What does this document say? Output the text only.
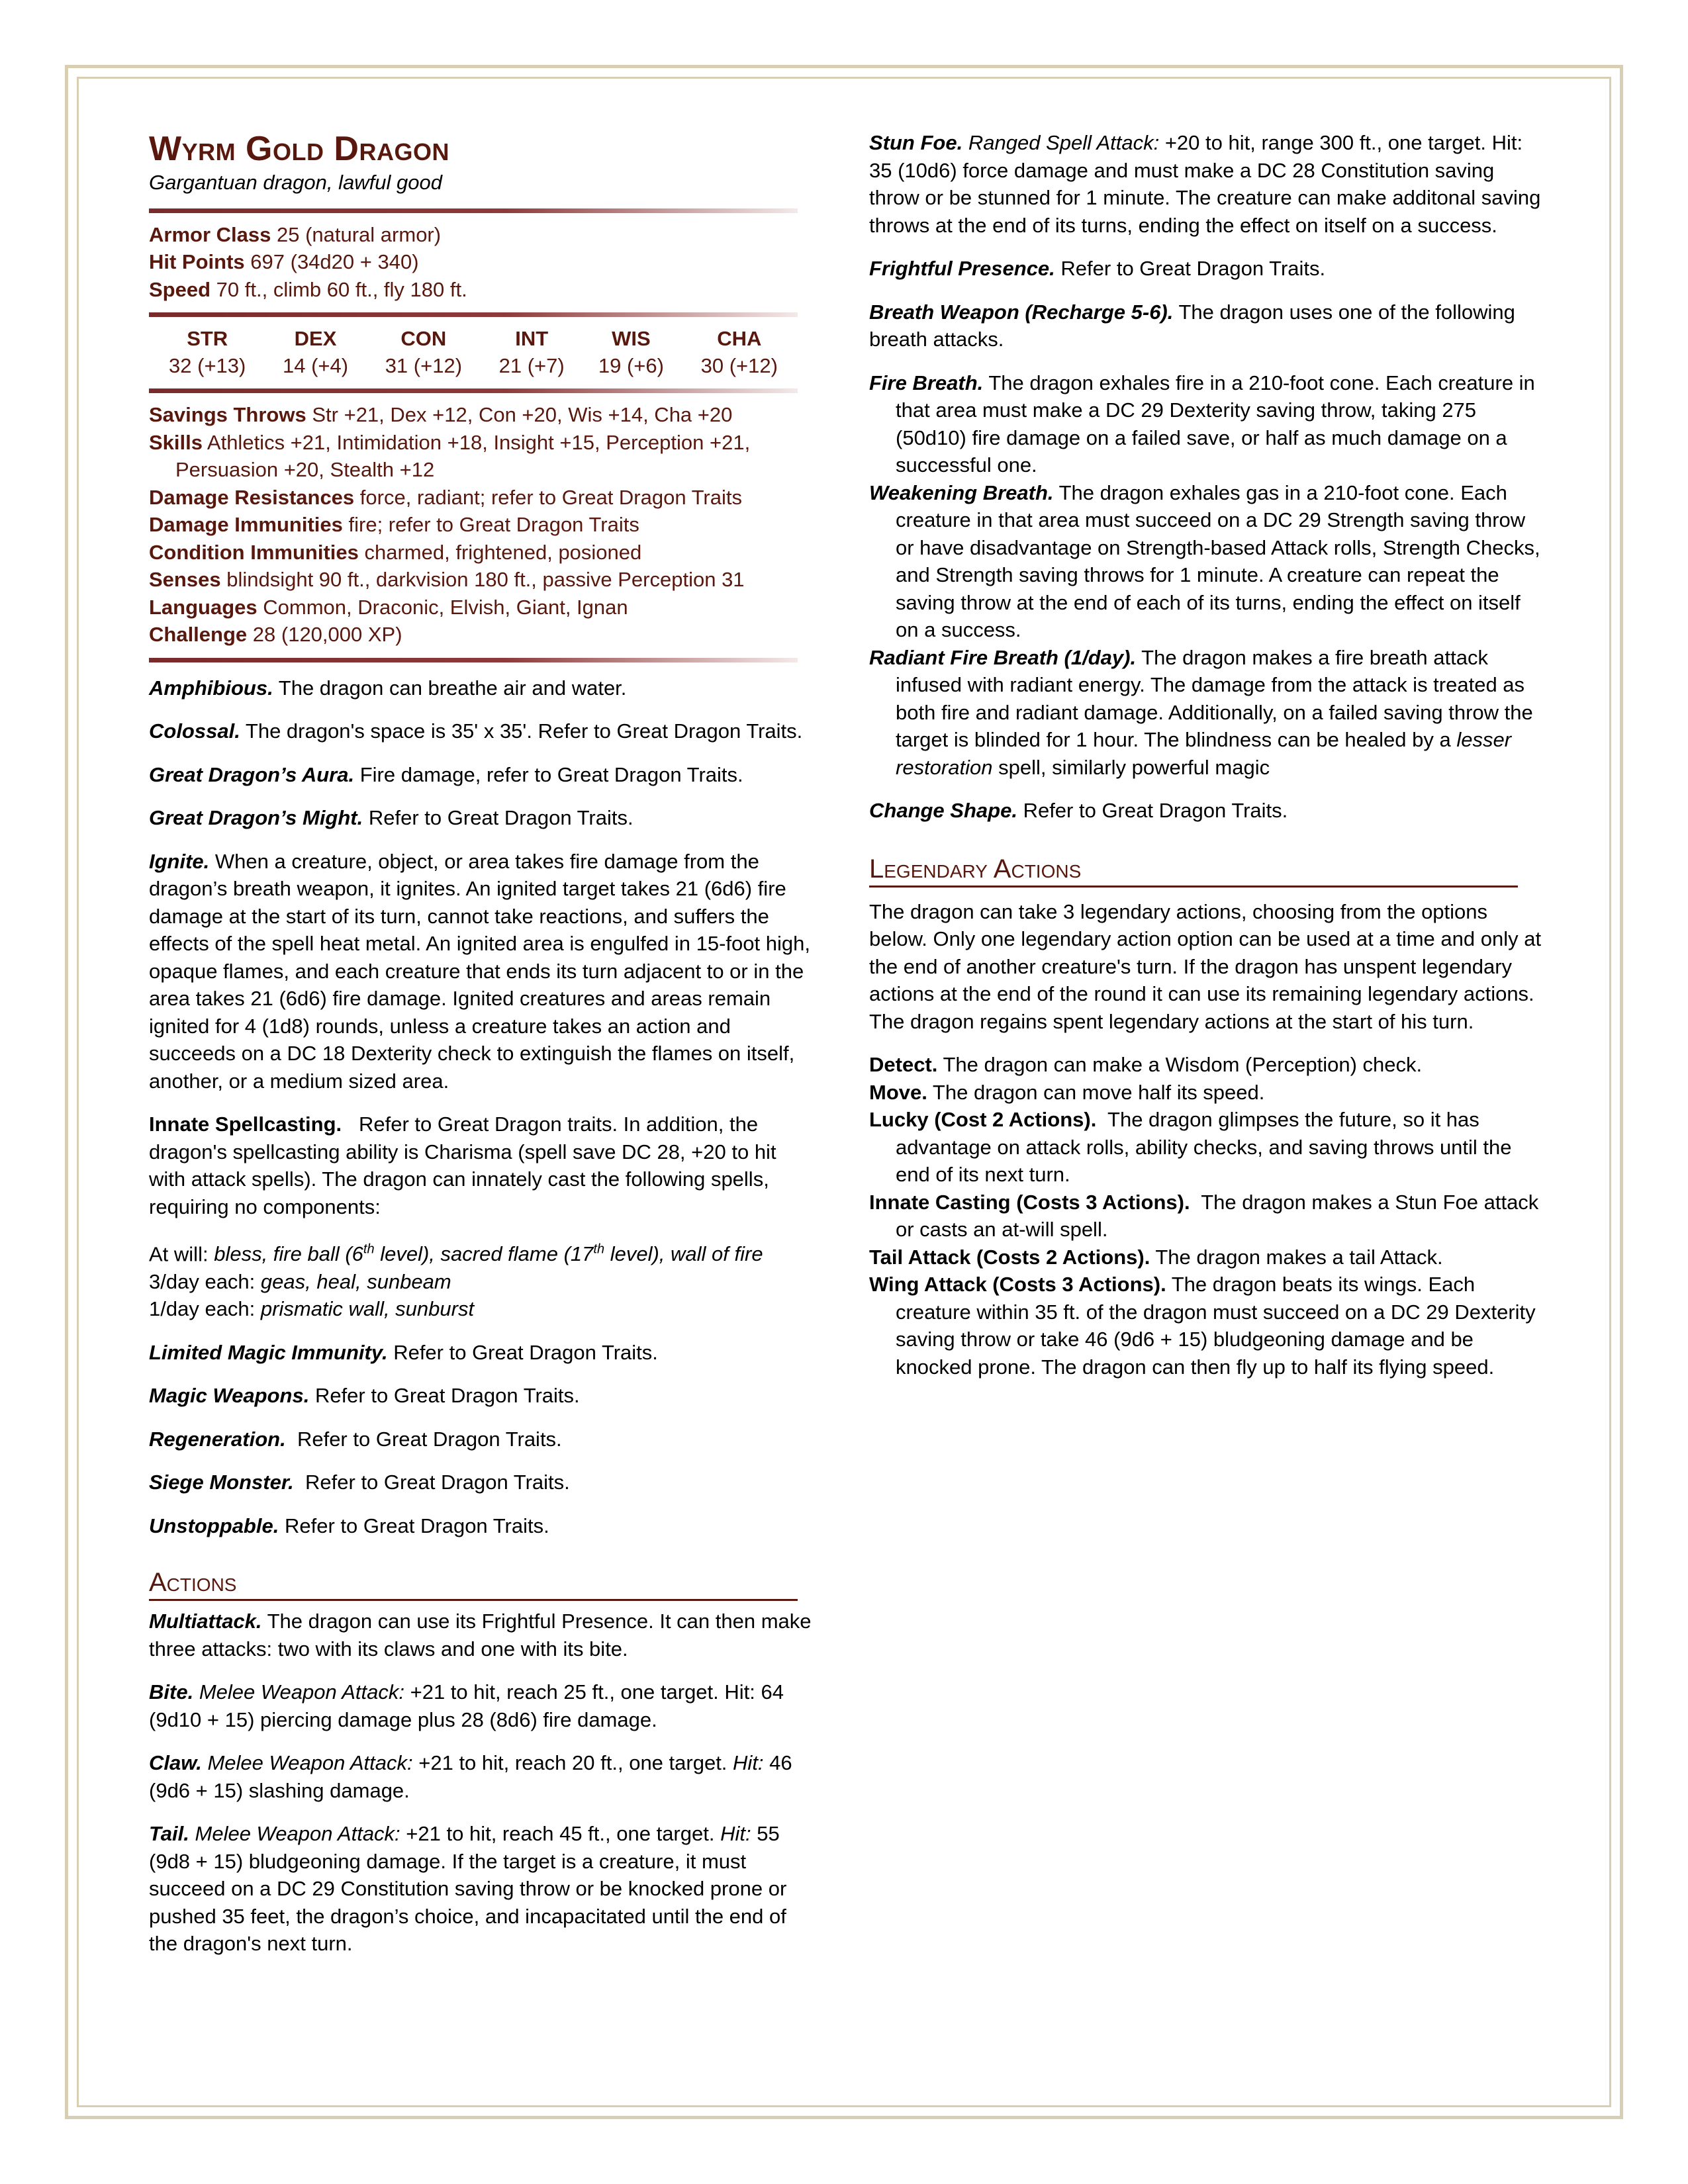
Wyrm Gold Dragon

Gargantuan dragon, lawful good

Armor Class 25 (natural armor)

Hit Points 697 (34d20 + 340)

Speed 70 ft., climb 60 ft., fly 180 ft.

STR	DEX	CON	INT	WIS	CHA
32 (+13)	14 (+4)	31 (+12)	21 (+7)	19 (+6)	30 (+12)

Savings Throws Str +21, Dex +12, Con +20, Wis +14, Cha +20

Skills Athletics +21, Intimidation +18, Insight +15, Perception +21, Persuasion +20, Stealth +12

Damage Resistances force, radiant; refer to Great Dragon Traits

Damage Immunities fire; refer to Great Dragon Traits

Condition Immunities charmed, frightened, posioned

Senses blindsight 90 ft., darkvision 180 ft., passive Perception 31

Languages Common, Draconic, Elvish, Giant, Ignan

Challenge 28 (120,000 XP)

Amphibious. The dragon can breathe air and water.

Colossal. The dragon's space is 35' x 35'. Refer to Great Dragon Traits.

Great Dragon’s Aura. Fire damage, refer to Great Dragon Traits.

Great Dragon’s Might. Refer to Great Dragon Traits.

Ignite. When a creature, object, or area takes fire damage from the dragon’s breath weapon, it ignites. An ignited target takes 21 (6d6) fire damage at the start of its turn, cannot take reactions, and suffers the effects of the spell heat metal. An ignited area is engulfed in 15-foot high, opaque flames, and each creature that ends its turn adjacent to or in the area takes 21 (6d6) fire damage. Ignited creatures and areas remain ignited for 4 (1d8) rounds, unless a creature takes an action and succeeds on a DC 18 Dexterity check to extinguish the flames on itself, another, or a medium sized area.

Innate Spellcasting. Refer to Great Dragon traits. In addition, the dragon's spellcasting ability is Charisma (spell save DC 28, +20 to hit with attack spells). The dragon can innately cast the following spells, requiring no components:

At will: bless, fire ball (6th level), sacred flame (17th level), wall of fire
3/day each: geas, heal, sunbeam
1/day each: prismatic wall, sunburst

Limited Magic Immunity. Refer to Great Dragon Traits.

Magic Weapons. Refer to Great Dragon Traits.

Regeneration. Refer to Great Dragon Traits.

Siege Monster. Refer to Great Dragon Traits.

Unstoppable. Refer to Great Dragon Traits.

Actions

Multiattack. The dragon can use its Frightful Presence. It can then make three attacks: two with its claws and one with its bite.

Bite. Melee Weapon Attack: +21 to hit, reach 25 ft., one target. Hit: 64 (9d10 + 15) piercing damage plus 28 (8d6) fire damage.

Claw. Melee Weapon Attack: +21 to hit, reach 20 ft., one target. Hit: 46 (9d6 + 15) slashing damage.

Tail. Melee Weapon Attack: +21 to hit, reach 45 ft., one target. Hit: 55 (9d8 + 15) bludgeoning damage. If the target is a creature, it must succeed on a DC 29 Constitution saving throw or be knocked prone or pushed 35 feet, the dragon’s choice, and incapacitated until the end of the dragon's next turn.

Stun Foe. Ranged Spell Attack: +20 to hit, range 300 ft., one target. Hit: 35 (10d6) force damage and must make a DC 28 Constitution saving throw or be stunned for 1 minute. The creature can make additonal saving throws at the end of its turns, ending the effect on itself on a success.

Frightful Presence. Refer to Great Dragon Traits.

Breath Weapon (Recharge 5-6). The dragon uses one of the following breath attacks.

Fire Breath. The dragon exhales fire in a 210-foot cone. Each creature in that area must make a DC 29 Dexterity saving throw, taking 275 (50d10) fire damage on a failed save, or half as much damage on a successful one.

Weakening Breath. The dragon exhales gas in a 210-foot cone. Each creature in that area must succeed on a DC 29 Strength saving throw or have disadvantage on Strength-based Attack rolls, Strength Checks, and Strength saving throws for 1 minute. A creature can repeat the saving throw at the end of each of its turns, ending the effect on itself on a success.

Radiant Fire Breath (1/day). The dragon makes a fire breath attack infused with radiant energy. The damage from the attack is treated as both fire and radiant damage. Additionally, on a failed saving throw the target is blinded for 1 hour. The blindness can be healed by a lesser restoration spell, similarly powerful magic

Change Shape. Refer to Great Dragon Traits.

Legendary Actions

The dragon can take 3 legendary actions, choosing from the options below. Only one legendary action option can be used at a time and only at the end of another creature's turn. If the dragon has unspent legendary actions at the end of the round it can use its remaining legendary actions. The dragon regains spent legendary actions at the start of his turn.

Detect. The dragon can make a Wisdom (Perception) check.

Move. The dragon can move half its speed.

Lucky (Cost 2 Actions). The dragon glimpses the future, so it has advantage on attack rolls, ability checks, and saving throws until the end of its next turn.

Innate Casting (Costs 3 Actions). The dragon makes a Stun Foe attack or casts an at-will spell.

Tail Attack (Costs 2 Actions). The dragon makes a tail Attack.

Wing Attack (Costs 3 Actions). The dragon beats its wings. Each creature within 35 ft. of the dragon must succeed on a DC 29 Dexterity saving throw or take 46 (9d6 + 15) bludgeoning damage and be knocked prone. The dragon can then fly up to half its flying speed.
